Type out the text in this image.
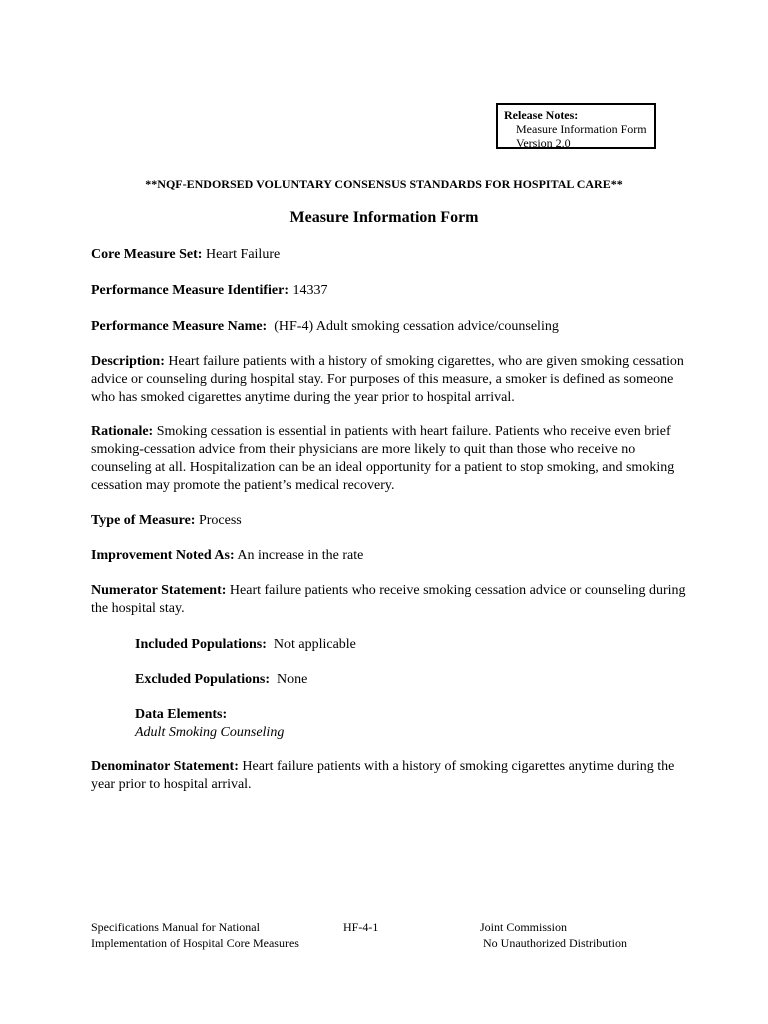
Release Notes:
Measure Information Form
Version 2.0
**NQF-ENDORSED VOLUNTARY CONSENSUS STANDARDS FOR HOSPITAL CARE**
Measure Information Form
Core Measure Set: Heart Failure
Performance Measure Identifier: 14337
Performance Measure Name: (HF-4) Adult smoking cessation advice/counseling
Description: Heart failure patients with a history of smoking cigarettes, who are given smoking cessation advice or counseling during hospital stay. For purposes of this measure, a smoker is defined as someone who has smoked cigarettes anytime during the year prior to hospital arrival.
Rationale: Smoking cessation is essential in patients with heart failure. Patients who receive even brief smoking-cessation advice from their physicians are more likely to quit than those who receive no counseling at all. Hospitalization can be an ideal opportunity for a patient to stop smoking, and smoking cessation may promote the patient’s medical recovery.
Type of Measure: Process
Improvement Noted As: An increase in the rate
Numerator Statement: Heart failure patients who receive smoking cessation advice or counseling during the hospital stay.
Included Populations: Not applicable
Excluded Populations: None
Data Elements:
Adult Smoking Counseling
Denominator Statement: Heart failure patients with a history of smoking cigarettes anytime during the year prior to hospital arrival.
Specifications Manual for National
Implementation of Hospital Core Measures
HF-4-1	Joint Commission
No Unauthorized Distribution
